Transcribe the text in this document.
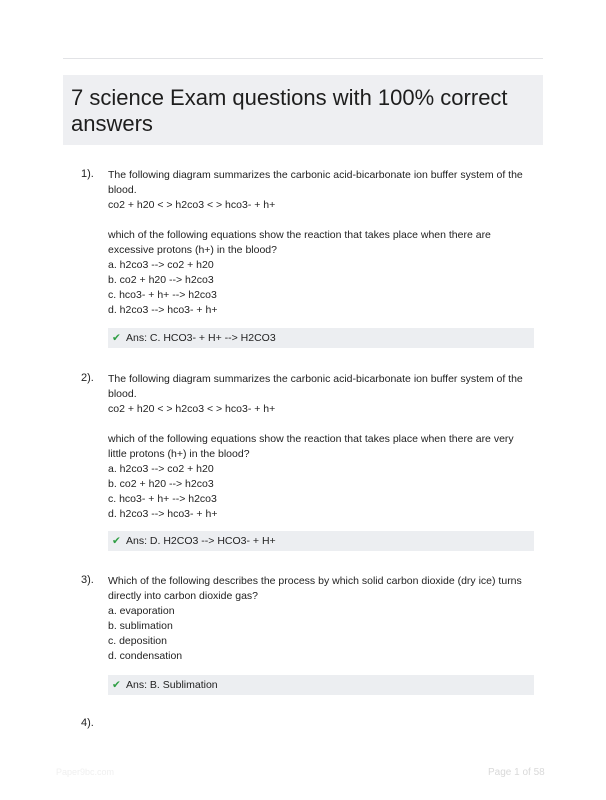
7 science Exam questions with 100% correct answers
1). The following diagram summarizes the carbonic acid-bicarbonate ion buffer system of the
blood.
co2 + h20 < > h2co3 < > hco3- + h+
which of the following equations show the reaction that takes place when there are
excessive protons (h+) in the blood?
a. h2co3 --> co2 + h20
b. co2 + h20 --> h2co3
c. hco3- + h+ --> h2co3
d. h2co3 --> hco3- + h+
✔ Ans: C. HCO3- + H+ --> H2CO3
2). The following diagram summarizes the carbonic acid-bicarbonate ion buffer system of the
blood.
co2 + h20 < > h2co3 < > hco3- + h+
which of the following equations show the reaction that takes place when there are very
little protons (h+) in the blood?
a. h2co3 --> co2 + h20
b. co2 + h20 --> h2co3
c. hco3- + h+ --> h2co3
d. h2co3 --> hco3- + h+
✔ Ans: D. H2CO3 --> HCO3- + H+
3). Which of the following describes the process by which solid carbon dioxide (dry ice) turns
directly into carbon dioxide gas?
a. evaporation
b. sublimation
c. deposition
d. condensation
✔ Ans: B. Sublimation
4).
Paper9bc.com	Page 1 of 58
